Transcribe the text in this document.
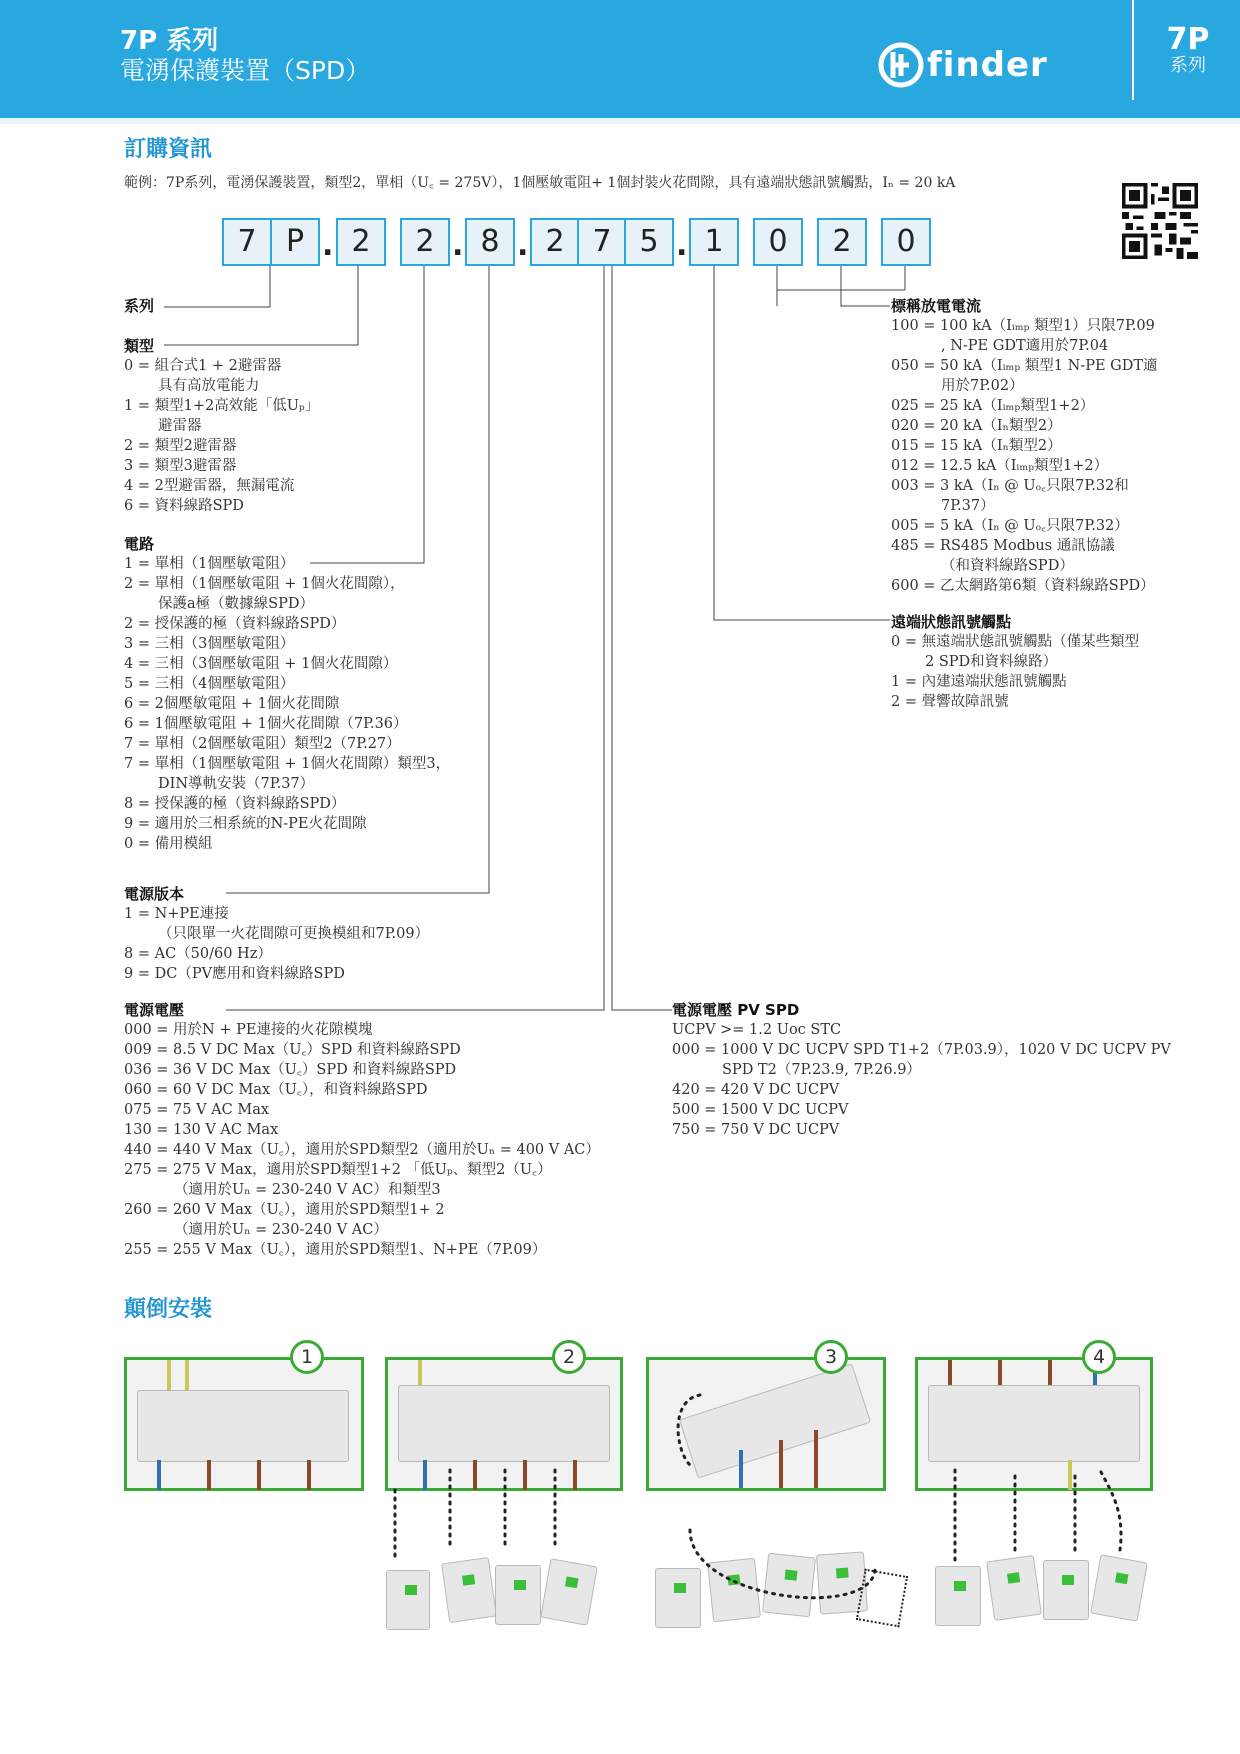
7P 系列
電湧保護裝置（SPD）	finder
7P
系列
訂購資訊
範例：7P系列，電湧保護裝置，類型2，單相（U꜀ = 275V），1個壓敏電阻+ 1個封裝火花間隙，具有遠端狀態訊號觸點，Iₙ = 20 kA
7 P . 2	2 . 8 . 2 7 5 . 1	0	2	0
系列
類型
0 = 組合式1 + 2避雷器
具有高放電能力
1 = 類型1+2高效能「低Uₚ」
避雷器
2 = 類型2避雷器
3 = 類型3避雷器
4 = 2型避雷器，無漏電流
6 = 資料線路SPD
電路
1 = 單相（1個壓敏電阻）
2 = 單相（1個壓敏電阻 + 1個火花間隙），
保護a極（數據線SPD）
2 = 授保護的極（資料線路SPD）
3 = 三相（3個壓敏電阻）
4 = 三相（3個壓敏電阻 + 1個火花間隙）
5 = 三相（4個壓敏電阻）
6 = 2個壓敏電阻 + 1個火花間隙
6 = 1個壓敏電阻 + 1個火花間隙（7P.36）
7 = 單相（2個壓敏電阻）類型2（7P.27）
7 = 單相（1個壓敏電阻 + 1個火花間隙）類型3，
DIN導軌安裝（7P.37）
8 = 授保護的極（資料線路SPD）
9 = 適用於三相系統的N-PE火花間隙
0 = 備用模組
電源版本
1 = N+PE連接
（只限單一火花間隙可更換模組和7P.09）
8 = AC（50/60 Hz）
9 = DC（PV應用和資料線路SPD
電源電壓
000 = 用於N + PE連接的火花隙模塊
009 = 8.5 V DC Max（U꜀）SPD 和資料線路SPD
036 = 36 V DC Max（U꜀）SPD 和資料線路SPD
060 = 60 V DC Max（U꜀），和資料線路SPD
075 = 75 V AC Max
130 = 130 V AC Max
440 = 440 V Max（U꜀），適用於SPD類型2（適用於Uₙ = 400 V AC）
275 = 275 V Max，適用於SPD類型1+2 「低Uₚ、類型2（U꜀）
（適用於Uₙ = 230-240 V AC）和類型3
260 = 260 V Max（U꜀），適用於SPD類型1+ 2
（適用於Uₙ = 230-240 V AC）
255 = 255 V Max（U꜀），適用於SPD類型1、N+PE（7P.09）
電源電壓 PV SPD
UCPV >= 1.2 Uoc STC
000 = 1000 V DC UCPV SPD T1+2（7P.03.9），1020 V DC UCPV PV
SPD T2（7P.23.9, 7P.26.9）
420 = 420 V DC UCPV
500 = 1500 V DC UCPV
750 = 750 V DC UCPV
標稱放電電流
100 = 100 kA（Iᵢₘₚ 類型1）只限7P.09
, N-PE GDT適用於7P.04
050 = 50 kA（Iᵢₘₚ 類型1 N-PE GDT適
用於7P.02）
025 = 25 kA（Iᵢₘₚ類型1+2）
020 = 20 kA（Iₙ類型2）
015 = 15 kA（Iₙ類型2）
012 = 12.5 kA（Iᵢₘₚ類型1+2）
003 = 3 kA（Iₙ @ Uₒ꜀只限7P.32和
7P.37）
005 = 5 kA（Iₙ @ Uₒ꜀只限7P.32）
485 = RS485 Modbus 通訊協議
（和資料線路SPD）
600 = 乙太網路第6類（資料線路SPD）
遠端狀態訊號觸點
0 = 無遠端狀態訊號觸點（僅某些類型
2 SPD和資料線路）
1 = 內建遠端狀態訊號觸點
2 = 聲響故障訊號
顛倒安裝
1	2	3	4
